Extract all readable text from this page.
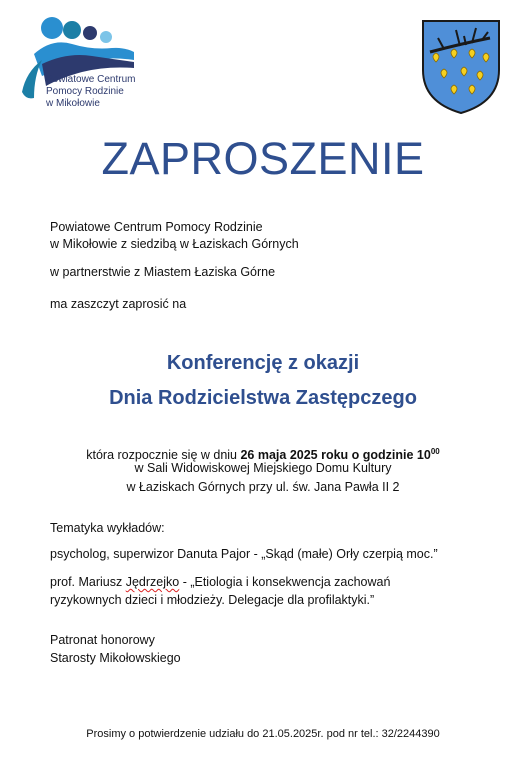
Powiatowe Centrum
Pomocy Rodzinie
w Mikołowie
ZAPROSZENIE
Powiatowe Centrum Pomocy Rodzinie
w Mikołowie z siedzibą w Łaziskach Górnych
w partnerstwie z Miastem Łaziska Górne
ma zaszczyt zaprosić na
Konferencję z okazji
Dnia Rodzicielstwa Zastępczego
która rozpocznie się w dniu 26 maja 2025 roku o godzinie $10^{00}$
w Sali Widowiskowej Miejskiego Domu Kultury
w Łaziskach Górnych przy ul. św. Jana Pawła II 2
Tematyka wykładów:
psycholog, superwizor Danuta Pajor - „Skąd (małe) Orły czerpią moc.”
prof. Mariusz Jędrzejko - „Etiologia i konsekwencja zachowań
ryzykownych dzieci i młodzieży. Delegacje dla profilaktyki.”
Patronat honorowy
Starosty Mikołowskiego
Prosimy o potwierdzenie udziału do 21.05.2025r. pod nr tel.: 32/2244390
